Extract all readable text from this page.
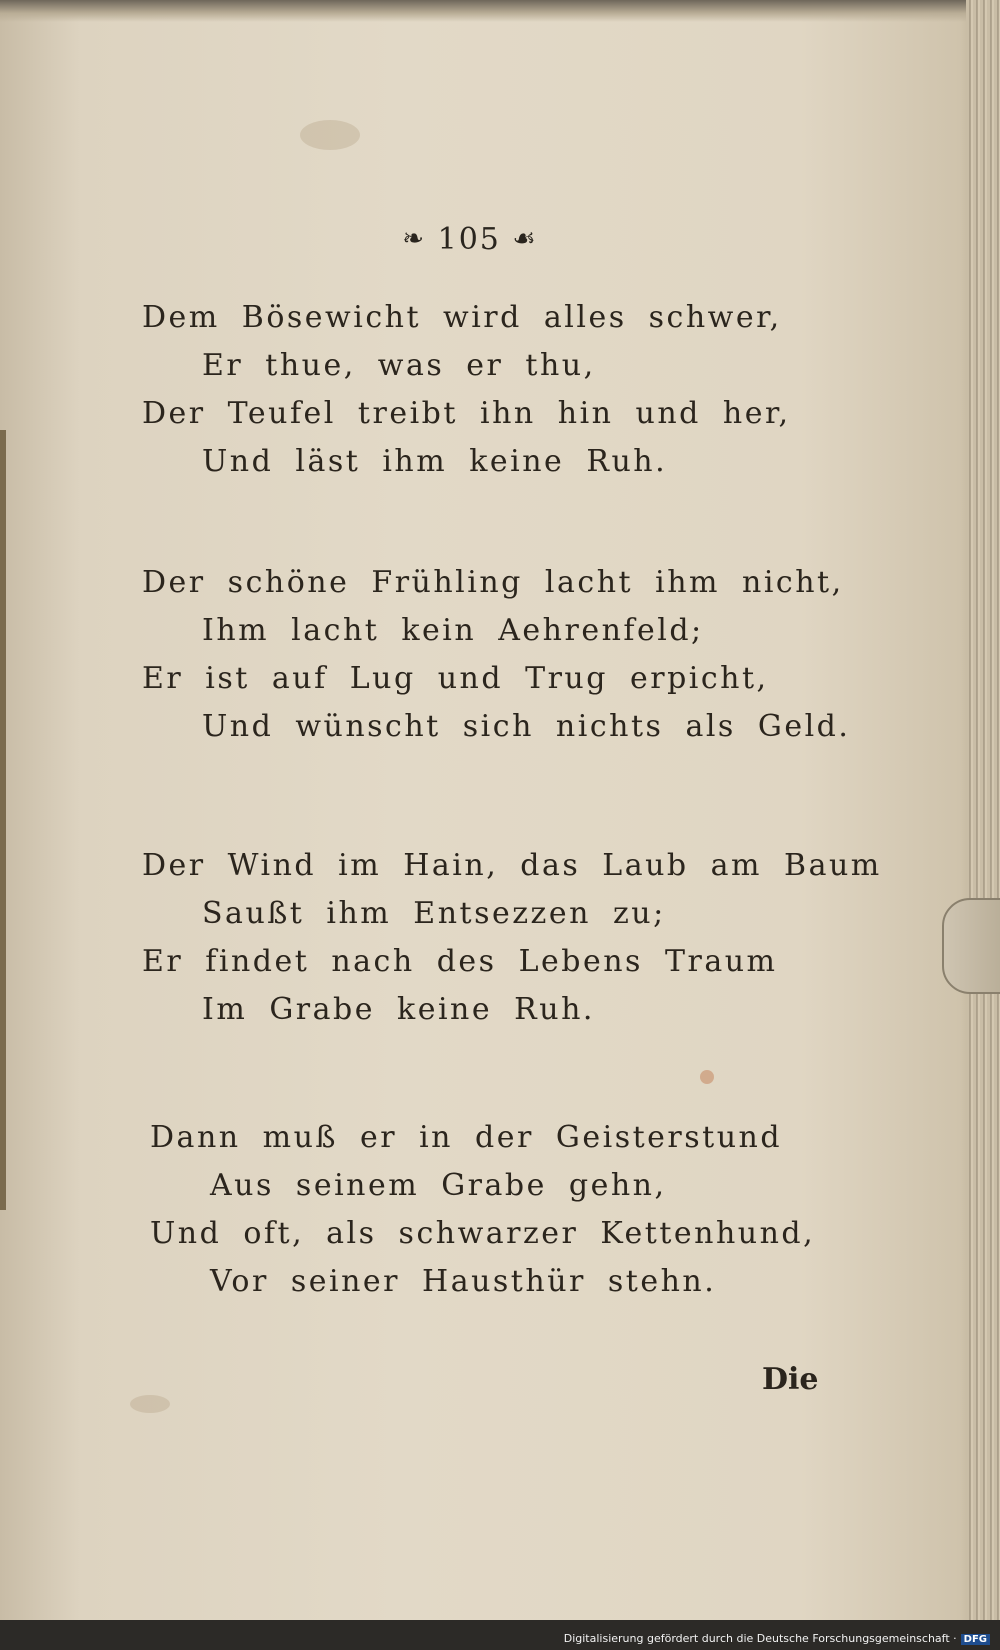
❧ 105 ☙
Dem Bösewicht wird alles schwer,
Er thue, was er thu,
Der Teufel treibt ihn hin und her,
Und läst ihm keine Ruh.
Der schöne Frühling lacht ihm nicht,
Ihm lacht kein Aehrenfeld;
Er ist auf Lug und Trug erpicht,
Und wünscht sich nichts als Geld.
Der Wind im Hain, das Laub am Baum
Saußt ihm Entsezzen zu;
Er findet nach des Lebens Traum
Im Grabe keine Ruh.
Dann muß er in der Geisterstund
Aus seinem Grabe gehn,
Und oft, als schwarzer Kettenhund,
Vor seiner Hausthür stehn.
Die
Digitalisierung gefördert durch die Deutsche Forschungsgemeinschaft · DFG
